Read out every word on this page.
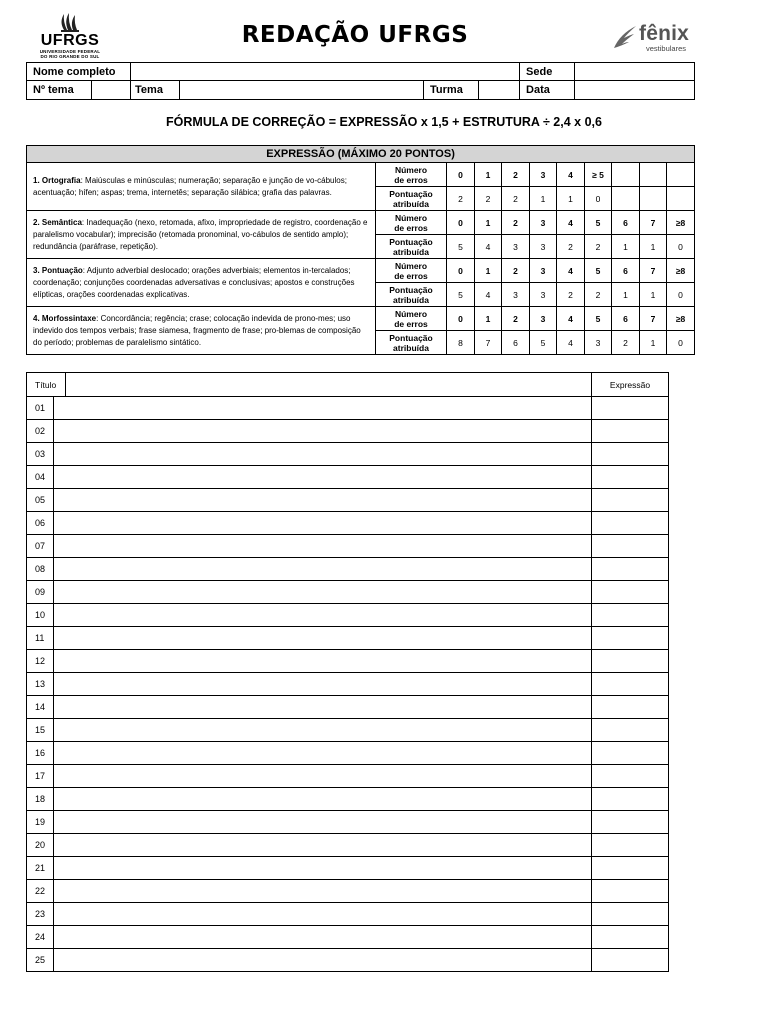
UFRGS
UNIVERSIDADE FEDERAL
DO RIO GRANDE DO SUL
REDAÇÃO UFRGS	fênix
vestibulares
Nome completo					Sede	
Nº tema		Tema	Turma		Data	
FÓRMULA DE CORREÇÃO = EXPRESSÃO x 1,5 + ESTRUTURA ÷ 2,4 x 0,6
EXPRESSÃO (MÁXIMO 20 PONTOS)										
1. Ortografia: Maiúsculas e minúsculas; numeração; separação e junção de vo-cábulos; acentuação; hífen; aspas; trema, internetês; separação silábica; grafia das palavras.	Número
de erros	0	1	2	3	4	≥ 5			

	Pontuação
atribuída	2	2	2	1	1	0			
2. Semântica: Inadequação (nexo, retomada, afixo, impropriedade de registro, coordenação e paralelismo vocabular); imprecisão (retomada pronominal, vo-cábulos de sentido amplo); redundância (paráfrase, repetição).	Número
de erros	0	1	2	3	4	5	6	7	≥8

	Pontuação
atribuída	5	4	3	3	2	2	1	1	0
3. Pontuação: Adjunto adverbial deslocado; orações adverbiais; elementos in-tercalados; coordenação; conjunções coordenadas adversativas e conclusivas; apostos e construções elípticas, orações coordenadas explicativas.	Número
de erros	0	1	2	3	4	5	6	7	≥8

	Pontuação
atribuída	5	4	3	3	2	2	1	1	0
4. Morfossintaxe: Concordância; regência; crase; colocação indevida de prono-mes; uso indevido dos tempos verbais; frase siamesa, fragmento de frase; pro-blemas de composição do período; problemas de paralelismo sintático.	Número
de erros	0	1	2	3	4	5	6	7	≥8

	Pontuação
atribuída	8	7	6	5	4	3	2	1	0
Título			Expressão
01			
02			
03			
04			
05			
06			
07			
08			
09			
10			
11			
12			
13			
14			
15			
16			
17			
18			
19			
20			
21			
22			
23			
24			
25			
